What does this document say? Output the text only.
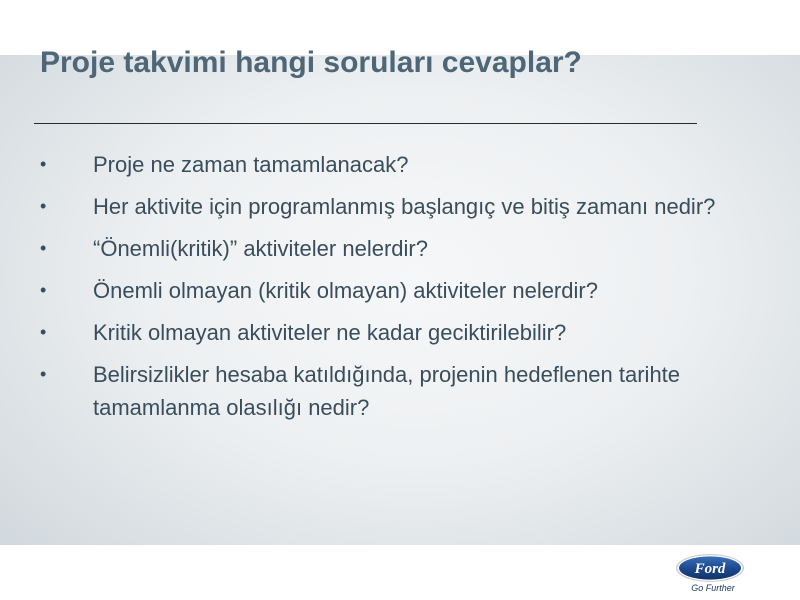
Proje takvimi hangi soruları cevaplar?
• Proje ne zaman tamamlanacak?
• Her aktivite için programlanmış başlangıç ve bitiş zamanı nedir?
• “Önemli(kritik)” aktiviteler nelerdir?
• Önemli olmayan (kritik olmayan) aktiviteler nelerdir?
• Kritik olmayan aktiviteler ne kadar geciktirilebilir?
• Belirsizlikler hesaba katıldığında, projenin hedeflenen tarihte tamamlanma olasılığı nedir?
Ford
Go Further
